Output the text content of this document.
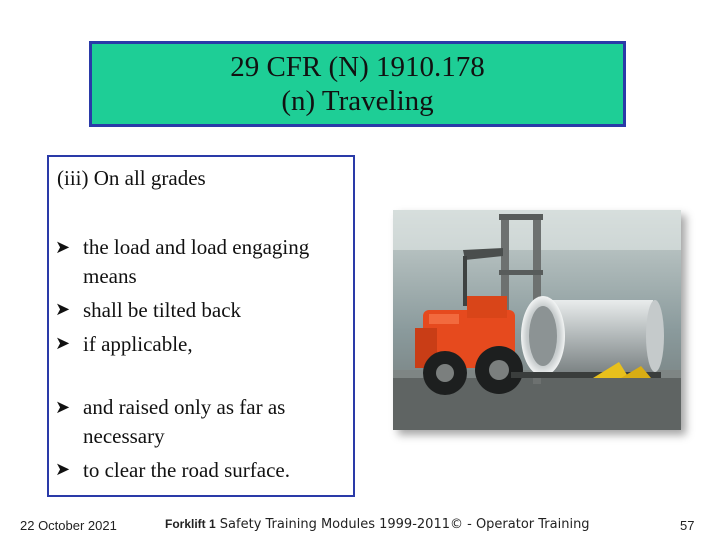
29 CFR (N) 1910.178
(n) Traveling
(iii) On all grades
➤ the load and load engaging means
➤ shall be tilted back
➤ if applicable,
➤ and raised only as far as necessary
➤ to clear the road surface.
22 October 2021	Forklift 1 Safety Training Modules 1999-2011© - Operator Training	57
